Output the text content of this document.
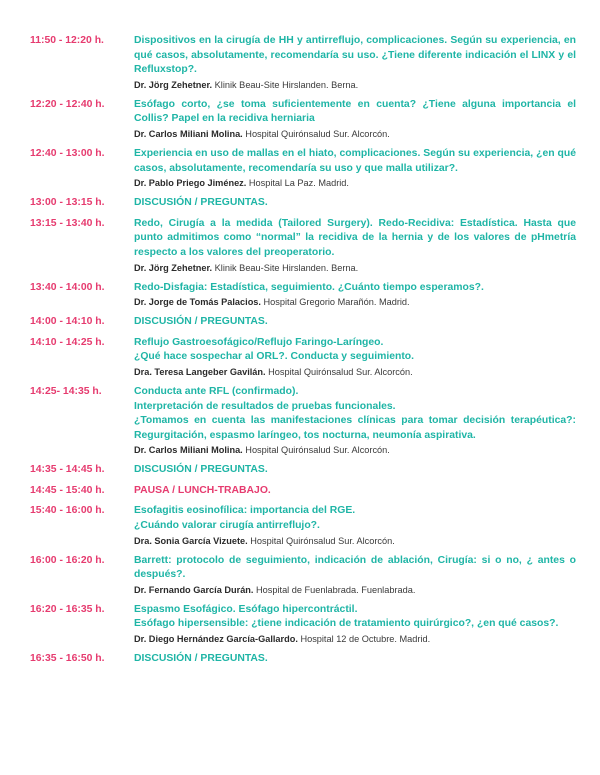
11:50 - 12:20 h.	Dispositivos en la cirugía de HH y antirreflujo, complicaciones. Según su experiencia, en qué casos, absolutamente, recomendaría su uso. ¿Tiene diferente indicación el LINX y el Refluxstop?.
Dr. Jörg Zehetner. Klinik Beau-Site Hirslanden. Berna.
12:20 - 12:40 h.	Esófago corto, ¿se toma suficientemente en cuenta? ¿Tiene alguna importancia el Collis? Papel en la recidiva herniaria
Dr. Carlos Miliani Molina. Hospital Quirónsalud Sur. Alcorcón.
12:40 - 13:00 h.	Experiencia en uso de mallas en el hiato, complicaciones. Según su experiencia, ¿en qué casos, absolutamente, recomendaría su uso y que malla utilizar?.
Dr. Pablo Priego Jiménez. Hospital La Paz. Madrid.
13:00 - 13:15 h.	DISCUSIÓN / PREGUNTAS.
13:15 - 13:40 h.	Redo, Cirugía a la medida (Tailored Surgery). Redo-Recidiva: Estadística. Hasta que punto admitimos como “normal” la recidiva de la hernia y de los valores de pHmetría respecto a los valores del preoperatorio.
Dr. Jörg Zehetner. Klinik Beau-Site Hirslanden. Berna.
13:40 - 14:00 h.	Redo-Disfagia: Estadística, seguimiento. ¿Cuánto tiempo esperamos?.
Dr. Jorge de Tomás Palacios. Hospital Gregorio Marañón. Madrid.
14:00 - 14:10 h.	DISCUSIÓN / PREGUNTAS.
14:10 - 14:25 h.	Reflujo Gastroesofágico/Reflujo Faringo-Laríngeo.
¿Qué hace sospechar al ORL?. Conducta y seguimiento.
Dra. Teresa Langeber Gavilán. Hospital Quirónsalud Sur. Alcorcón.
14:25- 14:35 h.	Conducta ante RFL (confirmado).
Interpretación de resultados de pruebas funcionales.
¿Tomamos en cuenta las manifestaciones clínicas para tomar decisión terapéutica?: Regurgitación, espasmo laríngeo, tos nocturna, neumonía aspirativa.
Dr. Carlos Miliani Molina. Hospital Quirónsalud Sur. Alcorcón.
14:35 - 14:45 h.	DISCUSIÓN / PREGUNTAS.
14:45 - 15:40 h.	PAUSA / LUNCH-TRABAJO.
15:40 - 16:00 h.	Esofagitis eosinofílica: importancia del RGE.
¿Cuándo valorar cirugía antirreflujo?.
Dra. Sonia García Vizuete. Hospital Quirónsalud Sur. Alcorcón.
16:00 - 16:20 h.	Barrett: protocolo de seguimiento, indicación de ablación, Cirugía: si o no, ¿ antes o después?.
Dr. Fernando García Durán. Hospital de Fuenlabrada. Fuenlabrada.
16:20 - 16:35 h.	Espasmo Esofágico. Esófago hipercontráctil.
Esófago hipersensible: ¿tiene indicación de tratamiento quirúrgico?, ¿en qué casos?.
Dr. Diego Hernández García-Gallardo. Hospital 12 de Octubre. Madrid.
16:35 - 16:50 h.	DISCUSIÓN / PREGUNTAS.
